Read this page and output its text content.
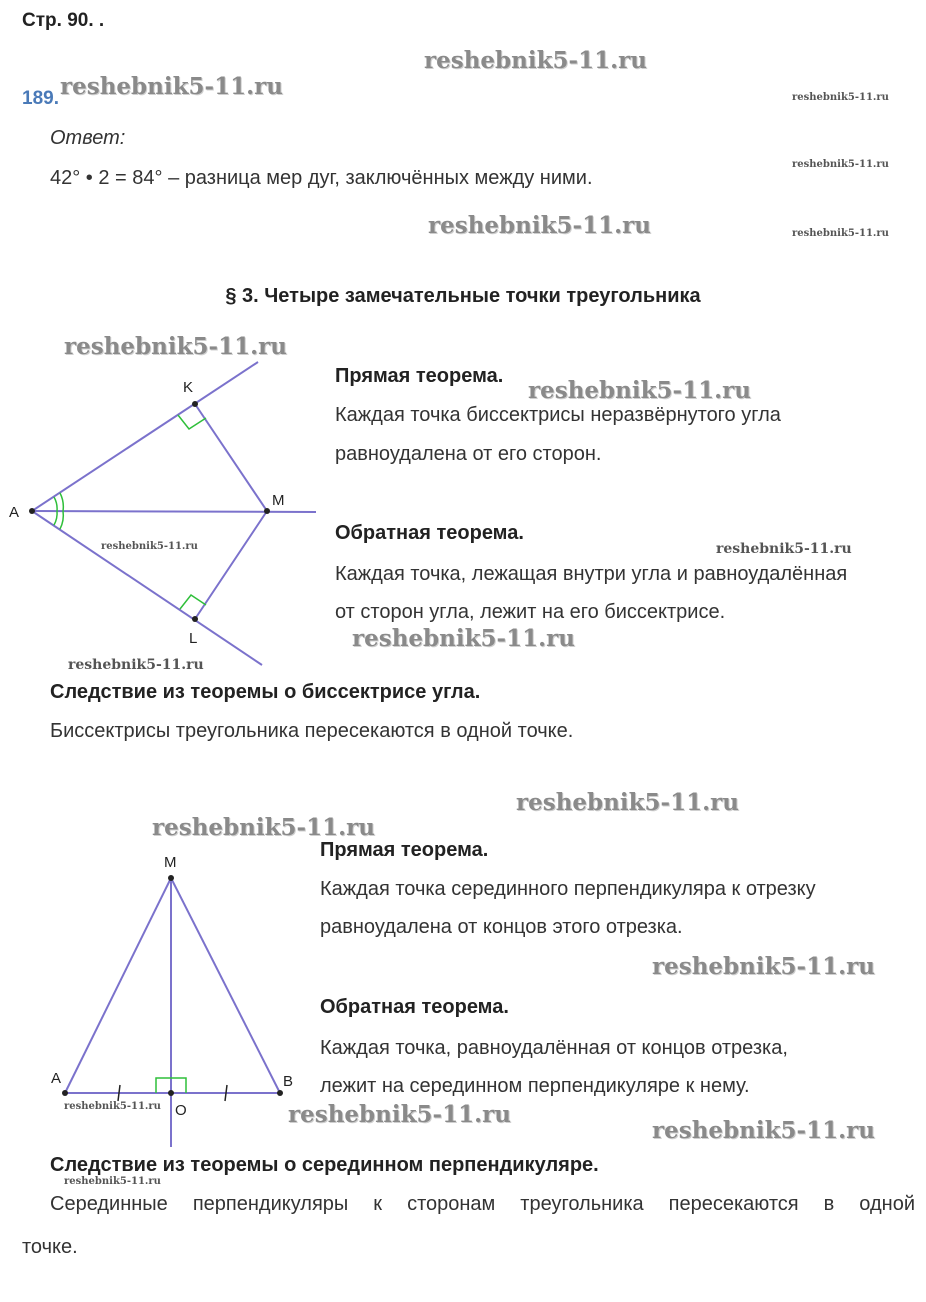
Стр. 90. .
189.
Ответ:
42° • 2 = 84° – разница мер дуг, заключённых между ними.
§ 3. Четыре замечательные точки треугольника
A
K
M
L
Прямая теорема.
Каждая точка биссектрисы неразвёрнутого угла
равноудалена от его сторон.
Обратная теорема.
Каждая точка, лежащая внутри угла и равноудалённая
от сторон угла, лежит на его биссектрисе.
Следствие из теоремы о биссектрисе угла.
Биссектрисы треугольника пересекаются в одной точке.
M
A	B
O
Прямая теорема.
Каждая точка серединного перпендикуляра к отрезку
равноудалена от концов этого отрезка.
Обратная теорема.
Каждая точка, равноудалённая от концов отрезка,
лежит на серединном перпендикуляре к нему.
Следствие из теоремы о серединном перпендикуляре.
Серединные перпендикуляры к сторонам треугольника пересекаются в одной
точке.
reshebnik5-11.ru
reshebnik5-11.ru	reshebnik5-11.ru
reshebnik5-11.ru
reshebnik5-11.ru	reshebnik5-11.ru
reshebnik5-11.ru
reshebnik5-11.ru
reshebnik5-11.ru	reshebnik5-11.ru
reshebnik5-11.ru
reshebnik5-11.ru
reshebnik5-11.ru
reshebnik5-11.ru
reshebnik5-11.ru
reshebnik5-11.ru	reshebnik5-11.ru
reshebnik5-11.ru
reshebnik5-11.ru
